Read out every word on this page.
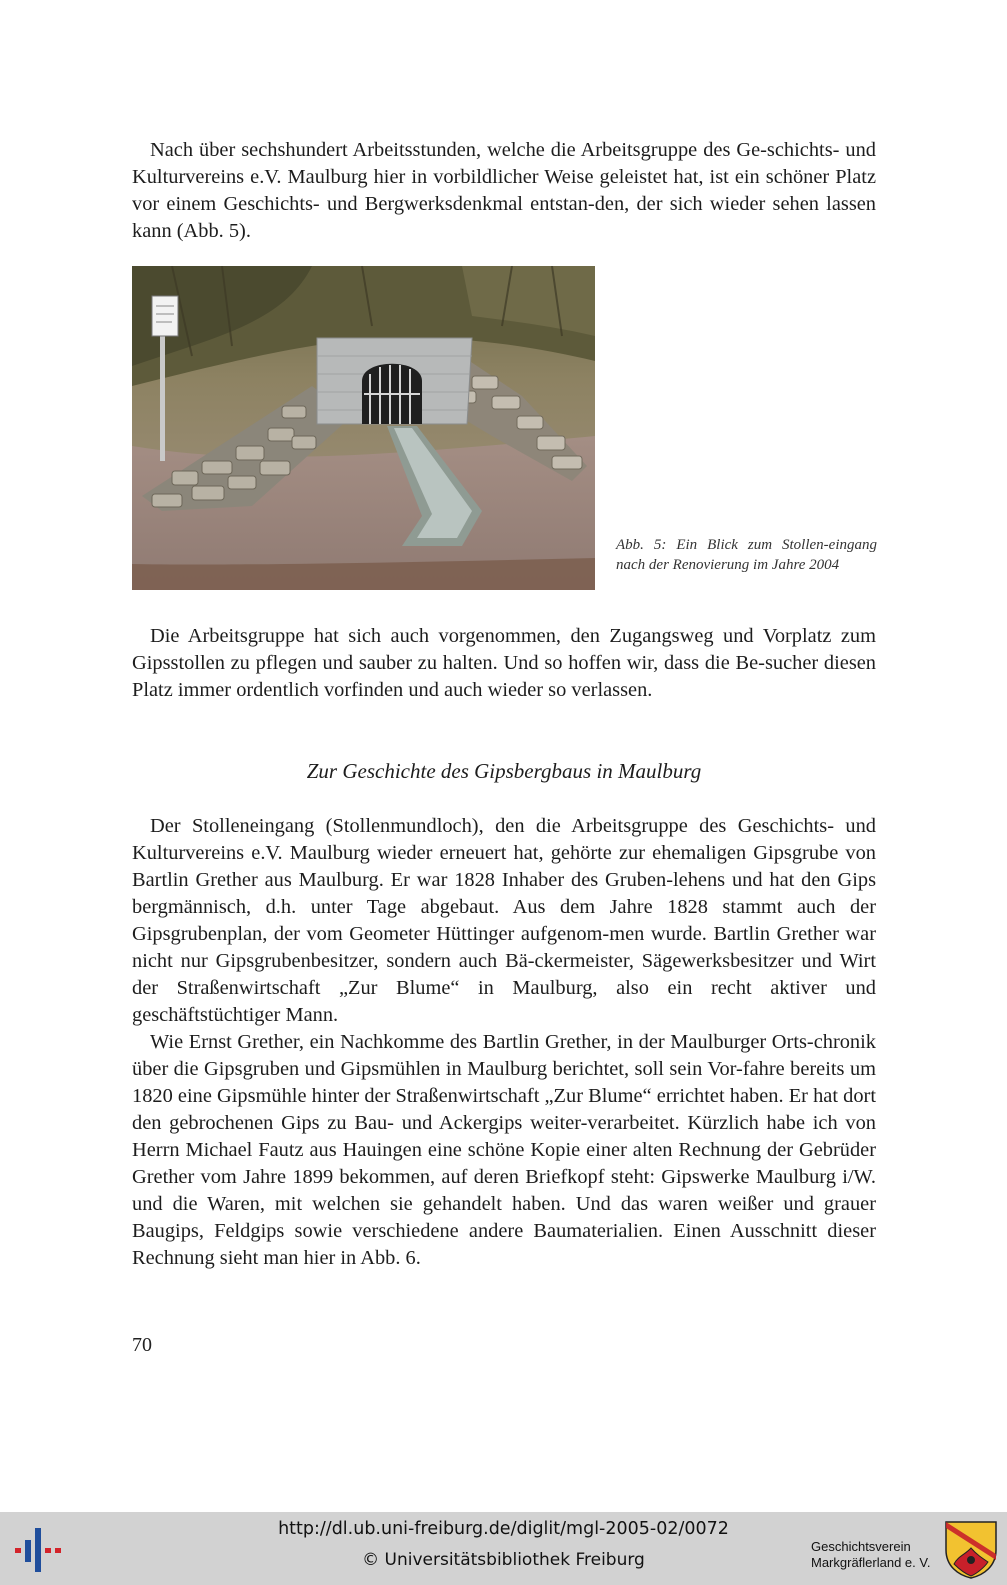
Nach über sechshundert Arbeitsstunden, welche die Arbeitsgruppe des Ge-schichts- und Kulturvereins e.V. Maulburg hier in vorbildlicher Weise geleistet hat, ist ein schöner Platz vor einem Geschichts- und Bergwerksdenkmal entstan-den, der sich wieder sehen lassen kann (Abb. 5).

Abb. 5: Ein Blick zum Stollen-eingang nach der Renovierung im Jahre 2004

Die Arbeitsgruppe hat sich auch vorgenommen, den Zugangsweg und Vorplatz zum Gipsstollen zu pflegen und sauber zu halten. Und so hoffen wir, dass die Be-sucher diesen Platz immer ordentlich vorfinden und auch wieder so verlassen.

Zur Geschichte des Gipsbergbaus in Maulburg

Der Stolleneingang (Stollenmundloch), den die Arbeitsgruppe des Geschichts- und Kulturvereins e.V. Maulburg wieder erneuert hat, gehörte zur ehemaligen Gipsgrube von Bartlin Grether aus Maulburg. Er war 1828 Inhaber des Gruben-lehens und hat den Gips bergmännisch, d.h. unter Tage abgebaut. Aus dem Jahre 1828 stammt auch der Gipsgrubenplan, der vom Geometer Hüttinger aufgenom-men wurde. Bartlin Grether war nicht nur Gipsgrubenbesitzer, sondern auch Bä-ckermeister, Sägewerksbesitzer und Wirt der Straßenwirtschaft „Zur Blume“ in Maulburg, also ein recht aktiver und geschäftstüchtiger Mann.

Wie Ernst Grether, ein Nachkomme des Bartlin Grether, in der Maulburger Orts-chronik über die Gipsgruben und Gipsmühlen in Maulburg berichtet, soll sein Vor-fahre bereits um 1820 eine Gipsmühle hinter der Straßenwirtschaft „Zur Blume“ errichtet haben. Er hat dort den gebrochenen Gips zu Bau- und Ackergips weiter-verarbeitet. Kürzlich habe ich von Herrn Michael Fautz aus Hauingen eine schöne Kopie einer alten Rechnung der Gebrüder Grether vom Jahre 1899 bekommen, auf deren Briefkopf steht: Gipswerke Maulburg i/W. und die Waren, mit welchen sie gehandelt haben. Und das waren weißer und grauer Baugips, Feldgips sowie verschiedene andere Baumaterialien. Einen Ausschnitt dieser Rechnung sieht man hier in Abb. 6.

70
http://dl.ub.uni-freiburg.de/diglit/mgl-2005-02/0072
© Universitätsbibliothek Freiburg
Geschichtsverein
Markgräflerland e. V.
